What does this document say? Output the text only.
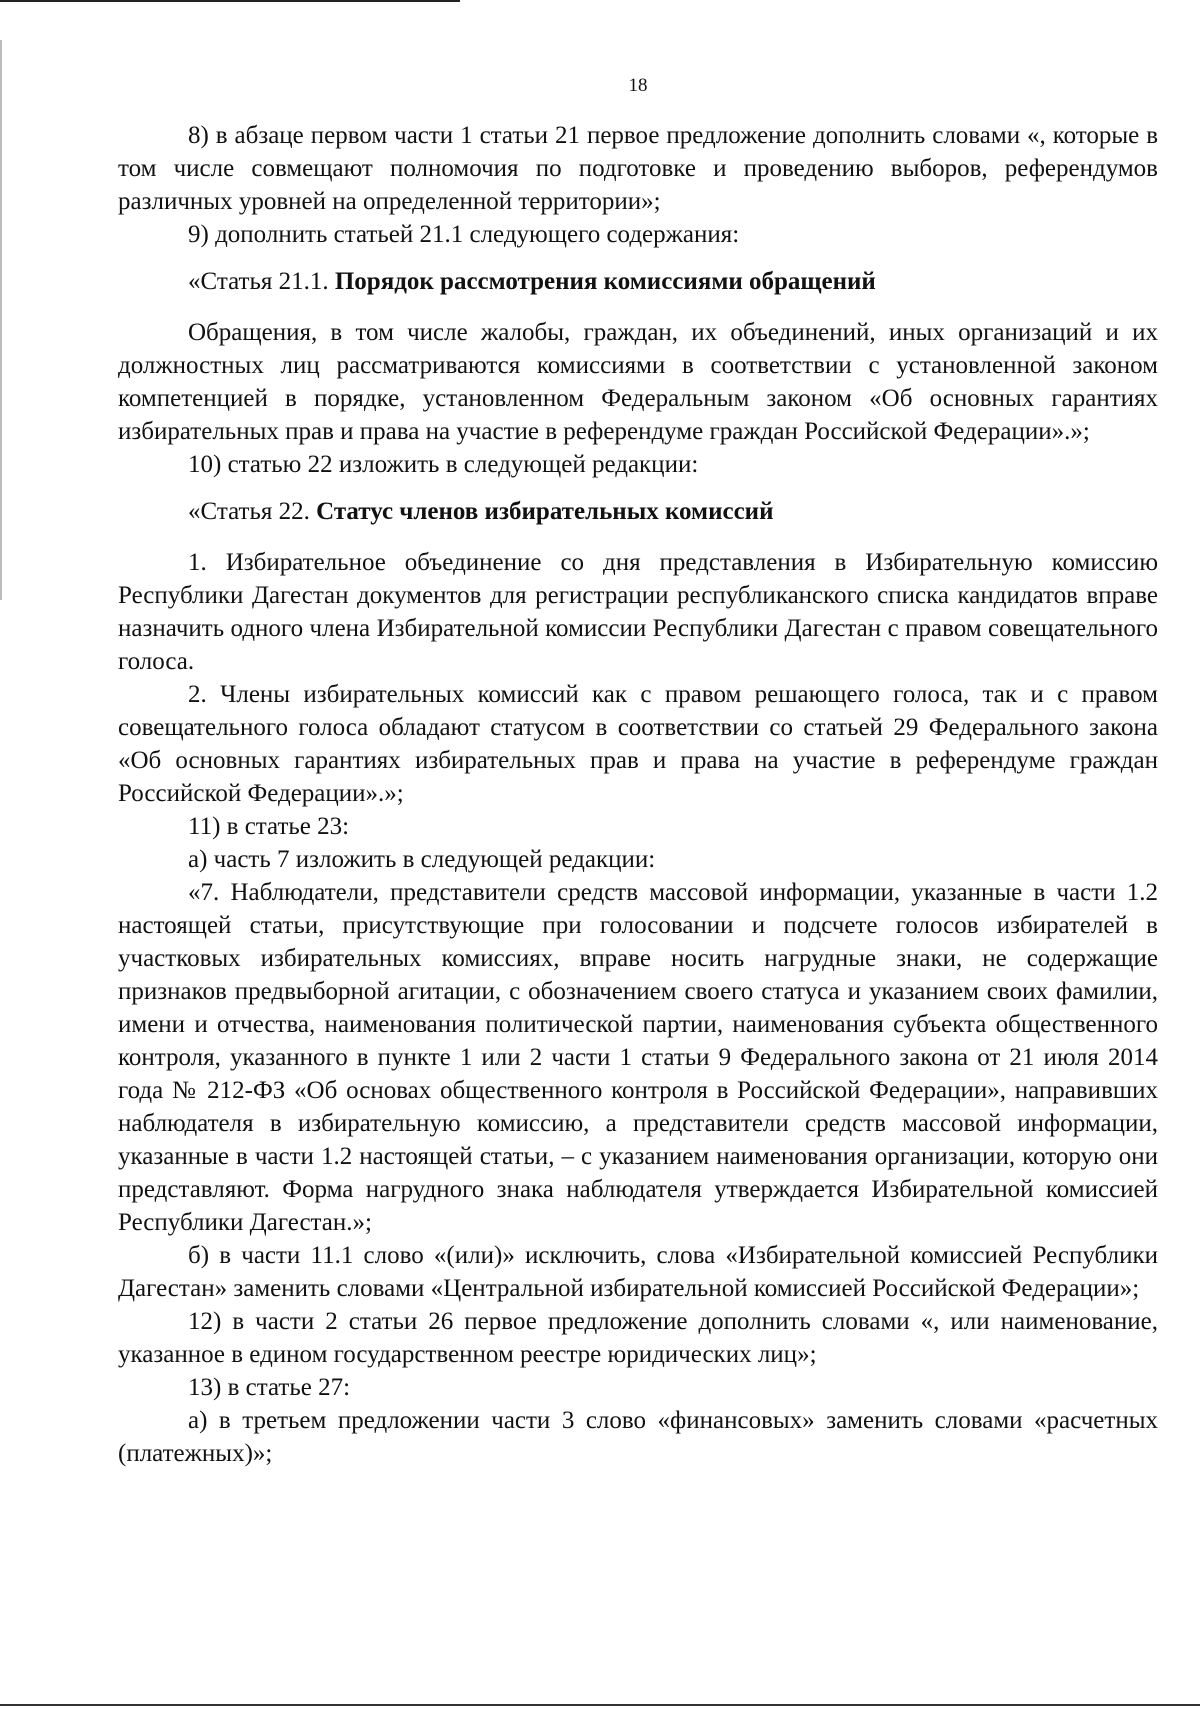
18

8) в абзаце первом части 1 статьи 21 первое предложение дополнить словами «, которые в том числе совмещают полномочия по подготовке и проведению выборов, референдумов различных уровней на определенной территории»;

9) дополнить статьей 21.1 следующего содержания:

«Статья 21.1. Порядок рассмотрения комиссиями обращений

Обращения, в том числе жалобы, граждан, их объединений, иных организаций и их должностных лиц рассматриваются комиссиями в соответствии с установленной законом компетенцией в порядке, установленном Федеральным законом «Об основных гарантиях избирательных прав и права на участие в референдуме граждан Российской Федерации».»;

10) статью 22 изложить в следующей редакции:

«Статья 22. Статус членов избирательных комиссий

1. Избирательное объединение со дня представления в Избирательную комиссию Республики Дагестан документов для регистрации республиканского списка кандидатов вправе назначить одного члена Избирательной комиссии Республики Дагестан с правом совещательного голоса.

2. Члены избирательных комиссий как с правом решающего голоса, так и с правом совещательного голоса обладают статусом в соответствии со статьей 29 Федерального закона «Об основных гарантиях избирательных прав и права на участие в референдуме граждан Российской Федерации».»;

11) в статье 23:

а) часть 7 изложить в следующей редакции:

«7. Наблюдатели, представители средств массовой информации, указанные в части 1.2 настоящей статьи, присутствующие при голосовании и подсчете голосов избирателей в участковых избирательных комиссиях, вправе носить нагрудные знаки, не содержащие признаков предвыборной агитации, с обозначением своего статуса и указанием своих фамилии, имени и отчества, наименования политической партии, наименования субъекта общественного контроля, указанного в пункте 1 или 2 части 1 статьи 9 Федерального закона от 21 июля 2014 года № 212-ФЗ «Об основах общественного контроля в Российской Федерации», направивших наблюдателя в избирательную комиссию, а представители средств массовой информации, указанные в части 1.2 настоящей статьи, – с указанием наименования организации, которую они представляют. Форма нагрудного знака наблюдателя утверждается Избирательной комиссией Республики Дагестан.»;

б) в части 11.1 слово «(или)» исключить, слова «Избирательной комиссией Республики Дагестан» заменить словами «Центральной избирательной комиссией Российской Федерации»;

12) в части 2 статьи 26 первое предложение дополнить словами «, или наименование, указанное в едином государственном реестре юридических лиц»;

13) в статье 27:

а) в третьем предложении части 3 слово «финансовых» заменить словами «расчетных (платежных)»;
